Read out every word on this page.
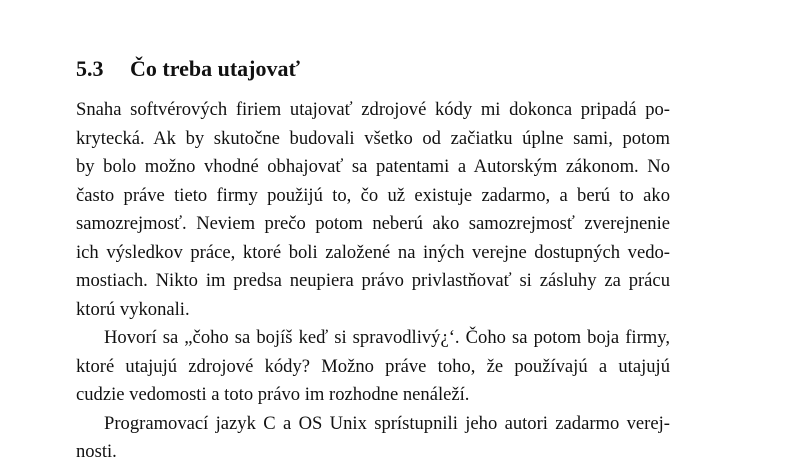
5.3 Čo treba utajovať
Snaha softvérových firiem utajovať zdrojové kódy mi dokonca pripadá po-
krytecká. Ak by skutočne budovali všetko od začiatku úplne sami, potom
by bolo možno vhodné obhajovať sa patentami a Autorským zákonom. No
často práve tieto firmy použijú to, čo už existuje zadarmo, a berú to ako
samozrejmosť. Neviem prečo potom neberú ako samozrejmosť zverejnenie
ich výsledkov práce, ktoré boli založené na iných verejne dostupných vedo-
mostiach. Nikto im predsa neupiera právo privlastňovať si zásluhy za prácu
ktorú vykonali.
Hovorí sa „čoho sa bojíš keď si spravodlivý¿‘. Čoho sa potom boja firmy,
ktoré utajujú zdrojové kódy? Možno práve toho, že používajú a utajujú
cudzie vedomosti a toto právo im rozhodne nenáleží.
Programovací jazyk C a OS Unix sprístupnili jeho autori zadarmo verej-
nosti.
